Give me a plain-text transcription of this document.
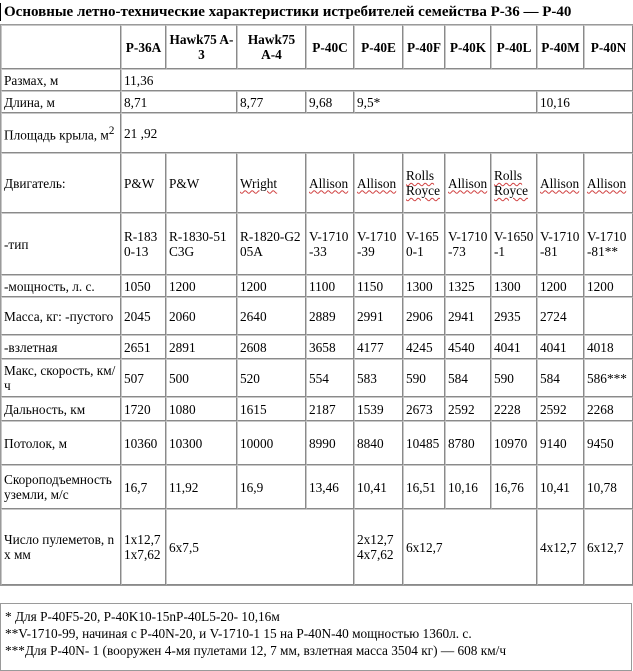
Основные летно-технические характеристики истребителей семейства Р-36 — Р-40
	P-36A	Hawk75 A-3	Hawk75 A-4	P-40C	P-40E	P-40F	P-40K	P-40L	P-40M	P-40N
Размах, м	11,36									
Длина, м	8,71		8,77	9,68	9,5*				10,16	
Площадь крыла, $м^2$	21 ,92									
Двигатель:	P&W	P&W	Wright	Allison	Allison	Rolls Royce	Allison	Rolls Royce	Allison	Allison
-тип	R-1830-13	R-1830-51C3G	R-1820-G205A	V-1710-33	V-1710-39	V-1650-1	V-1710-73	V-1650-1	V-1710-81	V-1710-81**
-мощность, л. с.	1050	1200	1200	1100	1150	1300	1325	1300	1200	1200
Масса, кг: -пустого	2045	2060	2640	2889	2991	2906	2941	2935	2724	
-взлетная	2651	2891	2608	3658	4177	4245	4540	4041	4041	4018
Макс, скорость, км/ч	507	500	520	554	583	590	584	590	584	586***
Дальность, км	1720	1080	1615	2187	1539	2673	2592	2228	2592	2268
Потолок, м	10360	10300	10000	8990	8840	10485	8780	10970	9140	9450
Скороподъемность уземли, м/с	16,7	11,92	16,9	13,46	10,41	16,51	10,16	16,76	10,41	10,78
Число пулеметов, n х мм	1x12,7 1x7,62	6x7,5			2x12,7 4x7,62	6x12,7			4x12,7	6x12,7
* Для Р-40F5-20, Р-40K10-15nP-40L5-20- 10,16м
**V-1710-99, начиная с P-40N-20, и V-1710-1 15 на P-40N-40 мощностью 1360л. с.
***Для P-40N- 1 (вооружен 4-мя пулетами 12, 7 мм, взлетная масса 3504 кг) — 608 км/ч
